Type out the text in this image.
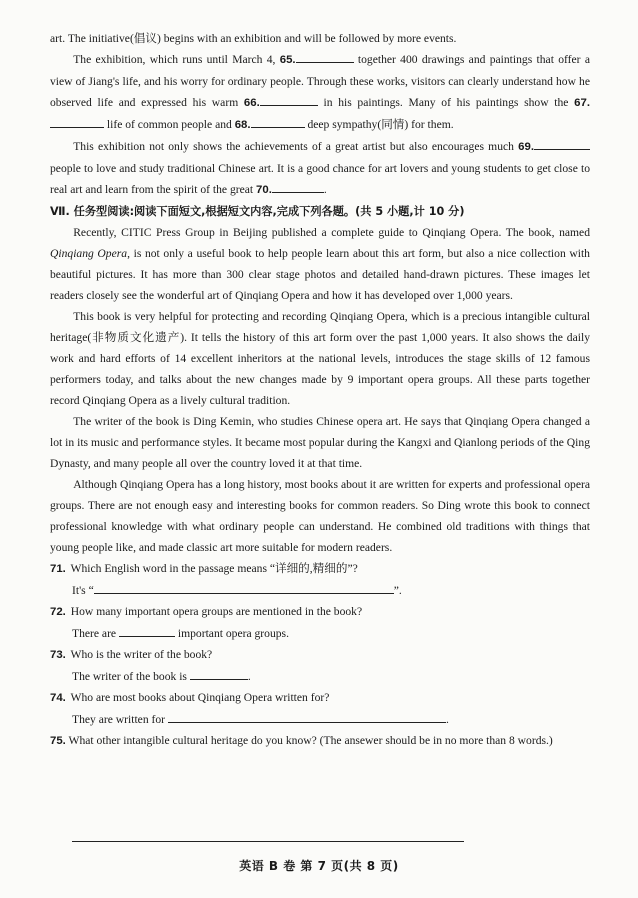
art. The initiative(倡议) begins with an exhibition and will be followed by more events.

The exhibition, which runs until March 4, 65.	together 400 drawings and paintings that offer a view of Jiang's life, and his worry for ordinary people. Through these works, visitors can clearly understand how he observed life and expressed his warm 66.	in his paintings. Many of his paintings show the 67. life of common people and 68.	deep sympathy(同情) for them.

This exhibition not only shows the achievements of a great artist but also encourages much 69. people to love and study traditional Chinese art. It is a good chance for art lovers and young students to get close to real art and learn from the spirit of the great 70.	.

Ⅶ. 任务型阅读:阅读下面短文,根据短文内容,完成下列各题。(共 5 小题,计 10 分)

Recently, CITIC Press Group in Beijing published a complete guide to Qinqiang Opera. The book, named Qinqiang Opera, is not only a useful book to help people learn about this art form, but also a nice collection with beautiful pictures. It has more than 300 clear stage photos and detailed hand-drawn pictures. These images let readers closely see the wonderful art of Qinqiang Opera and how it has developed over 1,000 years.

This book is very helpful for protecting and recording Qinqiang Opera, which is a precious intangible cultural heritage(非物质文化遗产). It tells the history of this art form over the past 1,000 years. It also shows the daily work and hard efforts of 14 excellent inheritors at the national levels, introduces the stage skills of 12 famous performers today, and talks about the new changes made by 9 important opera groups. All these parts together record Qinqiang Opera as a lively cultural tradition.

The writer of the book is Ding Kemin, who studies Chinese opera art. He says that Qinqiang Opera changed a lot in its music and performance styles. It became most popular during the Kangxi and Qianlong periods of the Qing Dynasty, and many people all over the country loved it at that time.

Although Qinqiang Opera has a long history, most books about it are written for experts and professional opera groups. There are not enough easy and interesting books for common readers. So Ding wrote this book to connect professional knowledge with what ordinary people can understand. He combined old traditions with things that young people like, and made classic art more suitable for modern readers.

71. Which English word in the passage means “详细的,精细的”?

It's “	”.

72. How many important opera groups are mentioned in the book?

There are	important opera groups.

73. Who is the writer of the book?

The writer of the book is	.

74. Who are most books about Qinqiang Opera written for?

They are written for	.

75. What other intangible cultural heritage do you know? (The ansewer should be in no more than 8 words.)

英语 B 卷 第 7 页(共 8 页)
